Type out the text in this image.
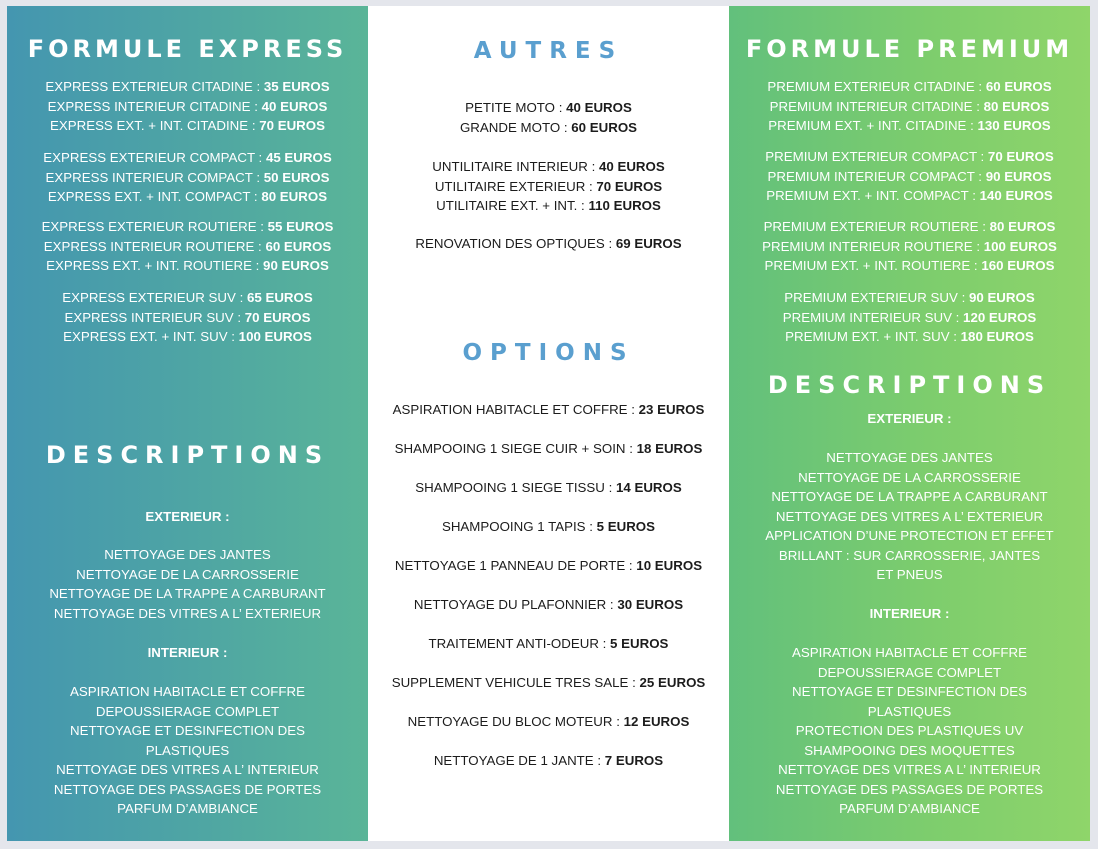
FORMULE EXPRESS
EXPRESS EXTERIEUR CITADINE : 35 EUROS
EXPRESS INTERIEUR CITADINE : 40 EUROS
EXPRESS EXT. + INT. CITADINE : 70 EUROS
EXPRESS EXTERIEUR COMPACT : 45 EUROS
EXPRESS INTERIEUR COMPACT : 50 EUROS
EXPRESS EXT. + INT. COMPACT : 80 EUROS
EXPRESS EXTERIEUR ROUTIERE : 55 EUROS
EXPRESS INTERIEUR ROUTIERE : 60 EUROS
EXPRESS EXT. + INT. ROUTIERE : 90 EUROS
EXPRESS EXTERIEUR SUV : 65 EUROS
EXPRESS INTERIEUR SUV : 70 EUROS
EXPRESS EXT. + INT. SUV : 100 EUROS
DESCRIPTIONS
EXTERIEUR :
NETTOYAGE DES JANTES
NETTOYAGE DE LA CARROSSERIE
NETTOYAGE DE LA TRAPPE A CARBURANT
NETTOYAGE DES VITRES A L’ EXTERIEUR
INTERIEUR :
ASPIRATION HABITACLE ET COFFRE
DEPOUSSIERAGE COMPLET
NETTOYAGE ET DESINFECTION DES
PLASTIQUES
NETTOYAGE DES VITRES A L’ INTERIEUR
NETTOYAGE DES PASSAGES DE PORTES
PARFUM D’AMBIANCE
AUTRES
PETITE MOTO : 40 EUROS
GRANDE MOTO : 60 EUROS
UNTILITAIRE INTERIEUR : 40 EUROS
UTILITAIRE EXTERIEUR : 70 EUROS
UTILITAIRE EXT. + INT. : 110 EUROS
RENOVATION DES OPTIQUES : 69 EUROS
OPTIONS
ASPIRATION HABITACLE ET COFFRE : 23 EUROS
SHAMPOOING 1 SIEGE CUIR + SOIN : 18 EUROS
SHAMPOOING 1 SIEGE TISSU : 14 EUROS
SHAMPOOING 1 TAPIS : 5 EUROS
NETTOYAGE 1 PANNEAU DE PORTE : 10 EUROS
NETTOYAGE DU PLAFONNIER : 30 EUROS
TRAITEMENT ANTI-ODEUR : 5 EUROS
SUPPLEMENT VEHICULE TRES SALE : 25 EUROS
NETTOYAGE DU BLOC MOTEUR : 12 EUROS
NETTOYAGE DE 1 JANTE : 7 EUROS
FORMULE PREMIUM
PREMIUM EXTERIEUR CITADINE : 60 EUROS
PREMIUM INTERIEUR CITADINE : 80 EUROS
PREMIUM EXT. + INT. CITADINE : 130 EUROS
PREMIUM EXTERIEUR COMPACT : 70 EUROS
PREMIUM INTERIEUR COMPACT : 90 EUROS
PREMIUM EXT. + INT. COMPACT : 140 EUROS
PREMIUM EXTERIEUR ROUTIERE : 80 EUROS
PREMIUM INTERIEUR ROUTIERE : 100 EUROS
PREMIUM EXT. + INT. ROUTIERE : 160 EUROS
PREMIUM EXTERIEUR SUV : 90 EUROS
PREMIUM INTERIEUR SUV : 120 EUROS
PREMIUM EXT. + INT. SUV : 180 EUROS
DESCRIPTIONS
EXTERIEUR :
NETTOYAGE DES JANTES
NETTOYAGE DE LA CARROSSERIE
NETTOYAGE DE LA TRAPPE A CARBURANT
NETTOYAGE DES VITRES A L’ EXTERIEUR
APPLICATION D’UNE PROTECTION ET EFFET
BRILLANT : SUR CARROSSERIE, JANTES
ET PNEUS
INTERIEUR :
ASPIRATION HABITACLE ET COFFRE
DEPOUSSIERAGE COMPLET
NETTOYAGE ET DESINFECTION DES
PLASTIQUES
PROTECTION DES PLASTIQUES UV
SHAMPOOING DES MOQUETTES
NETTOYAGE DES VITRES A L’ INTERIEUR
NETTOYAGE DES PASSAGES DE PORTES
PARFUM D’AMBIANCE
